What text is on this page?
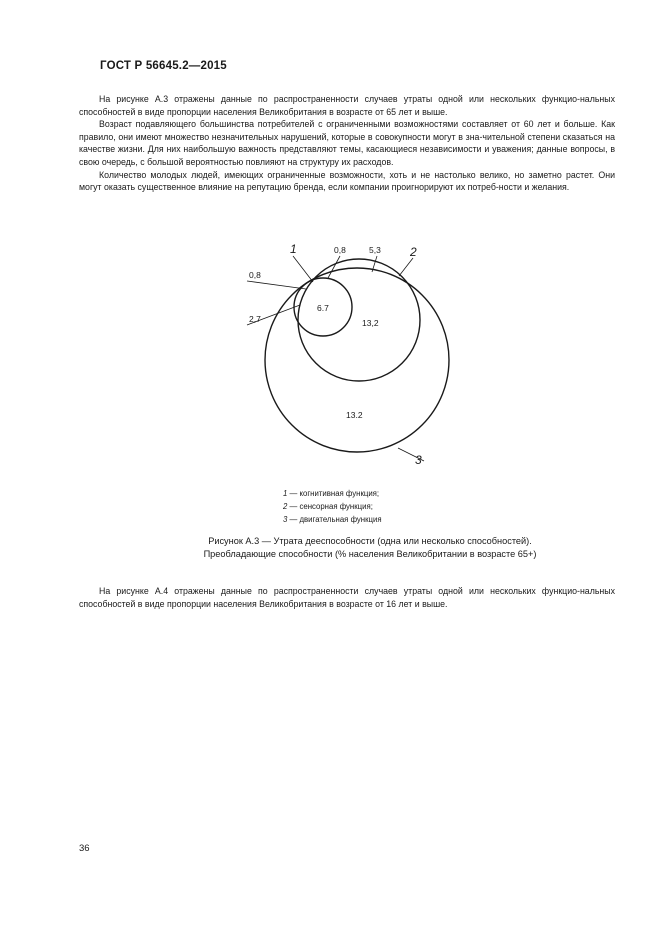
ГОСТ Р 56645.2—2015

На рисунке А.3 отражены данные по распространенности случаев утраты одной или нескольких функцио-нальных способностей в виде пропорции населения Великобритания в возрасте от 65 лет и выше.

Возраст подавляющего большинства потребителей с ограниченными возможностями составляет от 60 лет и больше. Как правило, они имеют множество незначительных нарушений, которые в совокупности могут в зна-чительной степени сказаться на качестве жизни. Для них наибольшую важность представляют темы, касающиеся независимости и уважения; данные вопросы, в свою очередь, с большой вероятностью повлияют на структуру их расходов.

Количество молодых людей, имеющих ограниченные возможности, хоть и не настолько велико, но заметно растет. Они могут оказать существенное влияние на репутацию бренда, если компании проигнорируют их потреб-ности и желания.

0,8	5,3
0,8
2,7
6.7
13,2
13.2
1	2
3
1 — когнитивная функция;
2 — сенсорная функция;
3 — двигательная функция
Рисунок А.3 — Утрата дееспособности (одна или несколько способностей).
Преобладающие способности (% населения Великобритании в возрасте 65+)

На рисунке А.4 отражены данные по распространенности случаев утраты одной или нескольких функцио-нальных способностей в виде пропорции населения Великобритания в возрасте от 16 лет и выше.

36
